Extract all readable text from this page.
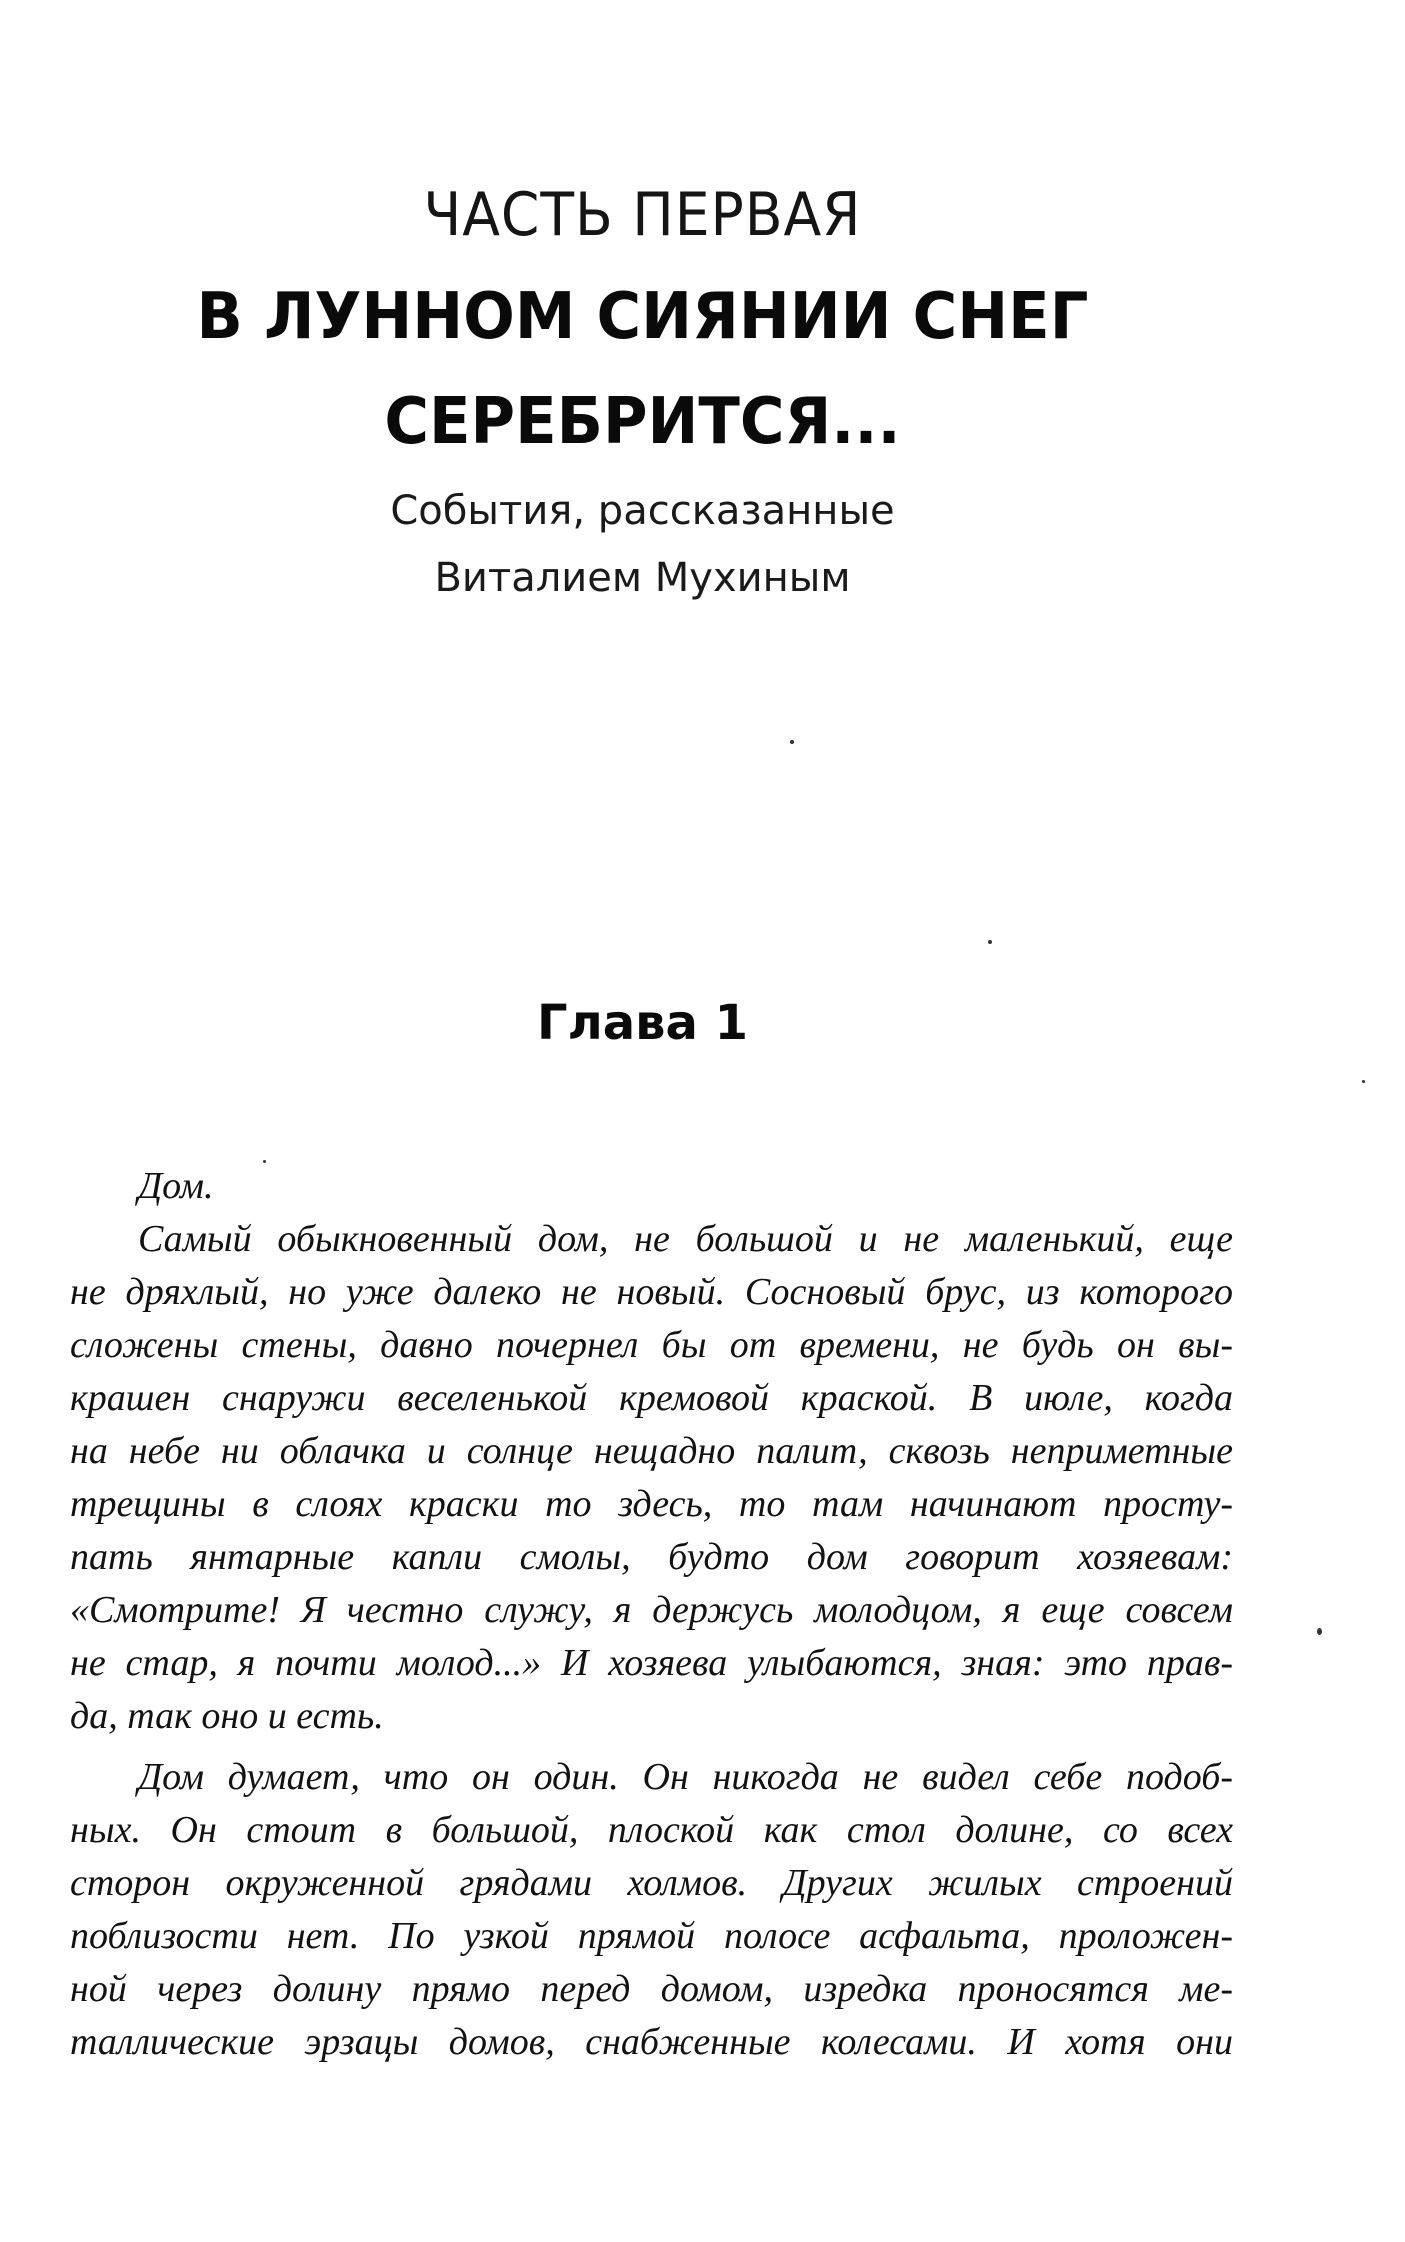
ЧАСТЬ ПЕРВАЯ
В ЛУННОМ СИЯНИИ СНЕГ
СЕРЕБРИТСЯ...
События, рассказанные
Виталием Мухиным
Глава 1
Дом.
Самый обыкновенный дом, не большой и не маленький, еще
не дряхлый, но уже далеко не новый. Сосновый брус, из которого
сложены стены, давно почернел бы от времени, не будь он вы-
крашен снаружи веселенькой кремовой краской. В июле, когда
на небе ни облачка и солнце нещадно палит, сквозь неприметные
трещины в слоях краски то здесь, то там начинают просту-
пать янтарные капли смолы, будто дом говорит хозяевам:
«Смотрите! Я честно служу, я держусь молодцом, я еще совсем
не стар, я почти молод...» И хозяева улыбаются, зная: это прав-
да, так оно и есть.
Дом думает, что он один. Он никогда не видел себе подоб-
ных. Он стоит в большой, плоской как стол долине, со всех
сторон окруженной грядами холмов. Других жилых строений
поблизости нет. По узкой прямой полосе асфальта, проложен-
ной через долину прямо перед домом, изредка проносятся ме-
таллические эрзацы домов, снабженные колесами. И хотя они
